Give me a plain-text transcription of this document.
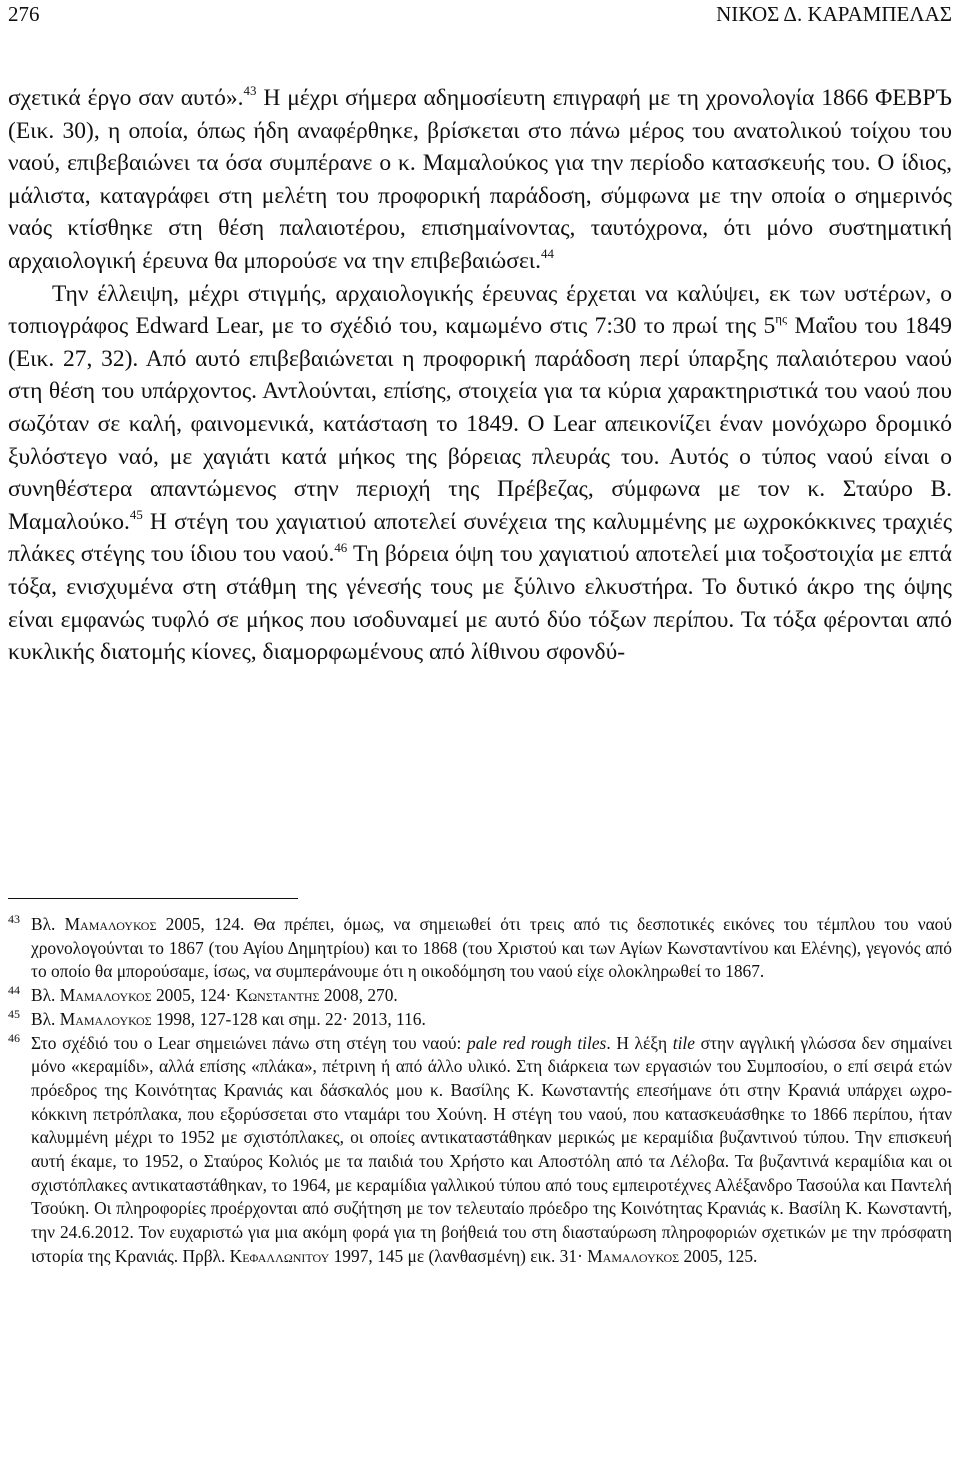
276	ΝΙΚΟΣ Δ. ΚΑΡΑΜΠΕΛΑΣ

σχετικά έργο σαν αυτό».$^{43}$ Η μέχρι σήμερα αδημοσίευτη επιγραφή με τη χρονολογία 1866 ΦΕΒΡЪ (Εικ. 30), η οποία, όπως ήδη αναφέρθηκε, βρίσκεται στο πάνω μέρος του ανατολικού τοίχου του ναού, επιβεβαιώνει τα όσα συμπέρανε ο κ. Μαμαλούκος για την περίοδο κατασκευής του. Ο ίδιος, μάλιστα, καταγράφει στη μελέτη του προφορική παράδοση, σύμφωνα με την οποία ο σημερινός ναός κτίσθηκε στη θέση παλαιοτέρου, επισημαίνοντας, ταυτόχρονα, ότι μόνο συστηματική αρχαιολογική έρευνα θα μπορούσε να την επιβεβαιώσει.$^{44}$

Την έλλειψη, μέχρι στιγμής, αρχαιολογικής έρευνας έρχεται να καλύψει, εκ των υστέρων, ο τοπιογράφος Edward Lear, με το σχέδιό του, καμωμένο στις 7:30 το πρωί της $5^{\eta\varsigma}$ Μαΐου του 1849 (Εικ. 27, 32). Από αυτό επιβεβαιώνεται η προφορική παράδοση περί ύπαρξης παλαιότερου ναού στη θέση του υπάρχοντος. Αντλούνται, επίσης, στοιχεία για τα κύρια χαρακτηριστικά του ναού που σωζόταν σε καλή, φαινομενικά, κατάσταση το 1849. Ο Lear απεικονίζει έναν μονόχωρο δρομικό ξυλόστεγο ναό, με χαγιάτι κατά μήκος της βόρειας πλευράς του. Αυτός ο τύπος ναού είναι ο συνηθέστερα απαντώμενος στην περιοχή της Πρέβεζας, σύμφωνα με τον κ. Σταύρο Β. Μαμαλούκο.$^{45}$ Η στέγη του χαγιατιού αποτελεί συνέχεια της καλυμμένης με ωχροκόκκινες τραχιές πλάκες στέγης του ίδιου του ναού.$^{46}$ Τη βόρεια όψη του χαγιατιού αποτελεί μια τοξοστοιχία με επτά τόξα, ενισχυμένα στη στάθμη της γένεσής τους με ξύλινο ελκυστήρα. Το δυτικό άκρο της όψης είναι εμφανώς τυφλό σε μήκος που ισοδυναμεί με αυτό δύο τόξων περίπου. Τα τόξα φέρονται από κυκλικής διατομής κίονες, διαμορφωμένους από λίθινου σφονδύ-

43 Βλ. Μαμαλουκος 2005, 124. Θα πρέπει, όμως, να σημειωθεί ότι τρεις από τις δεσποτικές εικόνες του τέμπλου του ναού χρονολογούνται το 1867 (του Αγίου Δημητρίου) και το 1868 (του Χριστού και των Αγίων Κωνσταντίνου και Ελένης), γεγονός από το οποίο θα μπορούσαμε, ίσως, να συμπεράνουμε ότι η οικοδόμηση του ναού είχε ολοκληρωθεί το 1867.

44 Βλ. Μαμαλουκος 2005, 124· Κωνσταντης 2008, 270.

45 Βλ. Μαμαλουκος 1998, 127-128 και σημ. 22· 2013, 116.

46 Στο σχέδιό του ο Lear σημειώνει πάνω στη στέγη του ναού: pale red rough tiles. Η λέξη tile στην αγγλική γλώσσα δεν σημαίνει μόνο «κεραμίδι», αλλά επίσης «πλάκα», πέτρινη ή από άλλο υλικό. Στη διάρκεια των εργασιών του Συμποσίου, ο επί σειρά ετών πρόεδρος της Κοινότητας Κρανιάς και δάσκαλός μου κ. Βασίλης Κ. Κωνσταντής επεσήμανε ότι στην Κρανιά υπάρχει ωχρο-κόκκινη πετρόπλακα, που εξορύσσεται στο νταμάρι του Χούνη. Η στέγη του ναού, που κατασκευάσθηκε το 1866 περίπου, ήταν καλυμμένη μέχρι το 1952 με σχιστόπλακες, οι οποίες αντικαταστάθηκαν μερικώς με κεραμίδια βυζαντινού τύπου. Την επισκευή αυτή έκαμε, το 1952, ο Σταύρος Κολιός με τα παιδιά του Χρήστο και Αποστόλη από τα Λέλοβα. Τα βυζαντινά κεραμίδια και οι σχιστόπλακες αντικαταστάθηκαν, το 1964, με κεραμίδια γαλλικού τύπου από τους εμπειροτέχνες Αλέξανδρο Τασούλα και Παντελή Τσούκη. Οι πληροφορίες προέρχονται από συζήτηση με τον τελευταίο πρόεδρο της Κοινότητας Κρανιάς κ. Βασίλη Κ. Κωνσταντή, την 24.6.2012. Τον ευχαριστώ για μια ακόμη φορά για τη βοήθειά του στη διασταύρωση πληροφοριών σχετικών με την πρόσφατη ιστορία της Κρανιάς. Πρβλ. Κεφαλλωνιτου 1997, 145 με (λανθασμένη) εικ. 31· Μαμαλουκος 2005, 125.
